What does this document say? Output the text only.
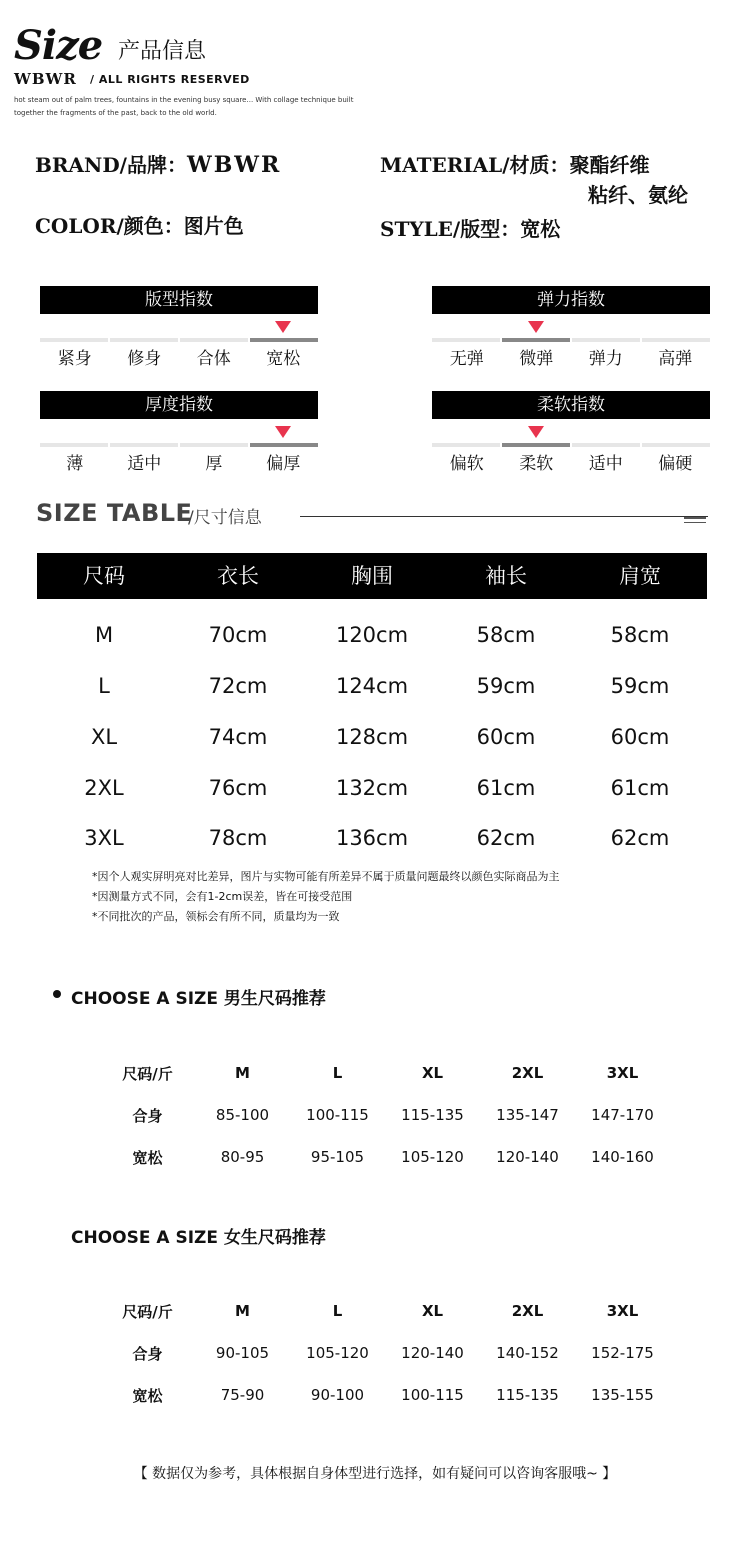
Size 产品信息
WBWR / ALL RIGHTS RESERVED
hot steam out of palm trees, fountains in the evening busy square... With collage technique built
together the fragments of the past, back to the old world.
BRAND/品牌：WBWR	MATERIAL/材质：聚酯纤维
粘纤、氨纶
COLOR/颜色：图片色	STYLE/版型：宽松
版型指数
紧身	修身	合体	宽松
弹力指数
无弹	微弹	弹力	高弹
厚度指数
薄	适中	厚	偏厚
柔软指数
偏软	柔软	适中	偏硬
SIZE TABLE
/尺寸信息
尺码	衣长	胸围	袖长	肩宽
M	70cm	120cm	58cm	58cm
L	72cm	124cm	59cm	59cm
XL	74cm	128cm	60cm	60cm
2XL	76cm	132cm	61cm	61cm
3XL	78cm	136cm	62cm	62cm
*因个人观实屏明亮对比差异，图片与实物可能有所差异不属于质量问题最终以颜色实际商品为主
*因测量方式不同，会有1-2cm误差，皆在可接受范围
*不同批次的产品，领标会有所不同，质量均为一致
CHOOSE A SIZE 男生尺码推荐
尺码/斤	M	L	XL	2XL	3XL
合身	85-100	100-115	115-135	135-147	147-170
宽松	80-95	95-105	105-120	120-140	140-160
CHOOSE A SIZE 女生尺码推荐
尺码/斤	M	L	XL	2XL	3XL
合身	90-105	105-120	120-140	140-152	152-175
宽松	75-90	90-100	100-115	115-135	135-155
【 数据仅为参考，具体根据自身体型进行选择，如有疑问可以咨询客服哦~ 】
